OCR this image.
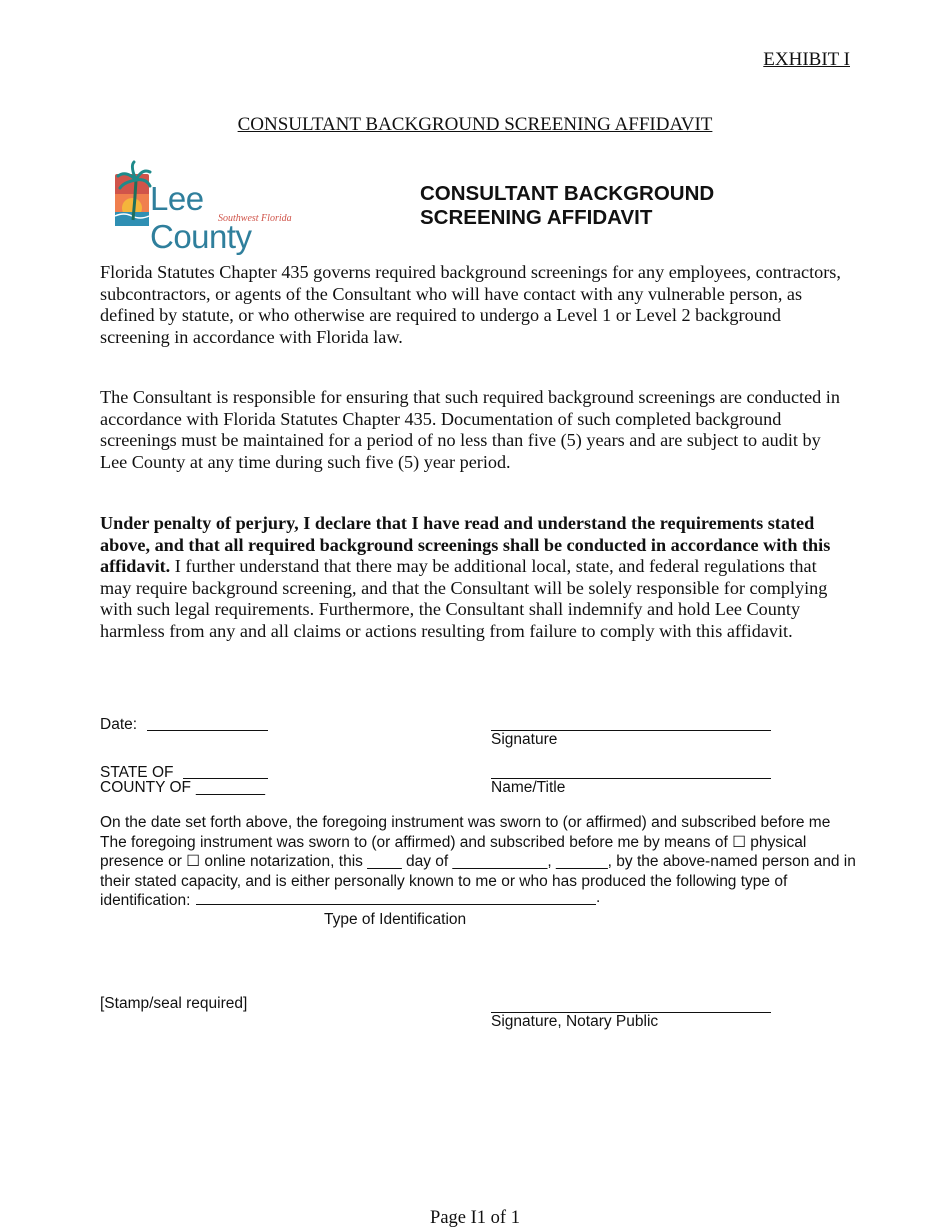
EXHIBIT I
CONSULTANT BACKGROUND SCREENING AFFIDAVIT
Lee County
Southwest Florida
CONSULTANT BACKGROUND
SCREENING AFFIDAVIT
Florida Statutes Chapter 435 governs required background screenings for any employees, contractors, subcontractors, or agents of the Consultant who will have contact with any vulnerable person, as defined by statute, or who otherwise are required to undergo a Level 1 or Level 2 background screening in accordance with Florida law.
The Consultant is responsible for ensuring that such required background screenings are conducted in accordance with Florida Statutes Chapter 435. Documentation of such completed background screenings must be maintained for a period of no less than five (5) years and are subject to audit by Lee County at any time during such five (5) year period.
Under penalty of perjury, I declare that I have read and understand the requirements stated above, and that all required background screenings shall be conducted in accordance with this affidavit. I further understand that there may be additional local, state, and federal regulations that may require background screening, and that the Consultant will be solely responsible for complying with such legal requirements. Furthermore, the Consultant shall indemnify and hold Lee County harmless from any and all claims or actions resulting from failure to comply with this affidavit.
Date:
Signature
STATE OF
COUNTY OF ________	Name/Title
On the date set forth above, the foregoing instrument was sworn to (or affirmed) and subscribed before me The foregoing instrument was sworn to (or affirmed) and subscribed before me by means of ☐ physical presence or ☐ online notarization, this ____ day of ___________, ______, by the above-named person and in their stated capacity, and is either personally known to me or who has produced the following type of identification:	.
Type of Identification
[Stamp/seal required]
Signature, Notary Public
Page I1 of 1
